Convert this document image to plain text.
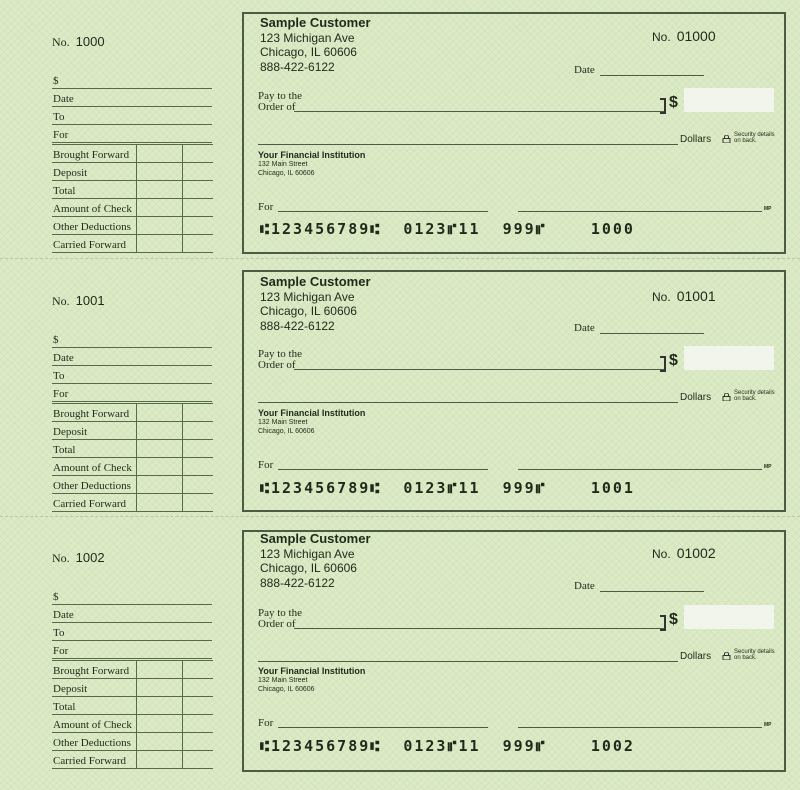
No. 1000
$
Date
To
For
Brought Forward
Deposit
Total
Amount of Check
Other Deductions
Carried Forward
Sample Customer
123 Michigan Ave
Chicago, IL 60606
888-422-6122
No. 01000
Date
Pay to the
Order of	$
Dollars	Security details
on back.
Your Financial Institution
132 Main Street
Chicago, IL 60606
For	MP
⑆123456789⑆ 0123⑈11 999⑈	1000
No. 1001
$
Date
To
For
Brought Forward
Deposit
Total
Amount of Check
Other Deductions
Carried Forward
Sample Customer
123 Michigan Ave
Chicago, IL 60606
888-422-6122
No. 01001
Date
Pay to the
Order of	$
Dollars	Security details
on back.
Your Financial Institution
132 Main Street
Chicago, IL 60606
For	MP
⑆123456789⑆ 0123⑈11 999⑈	1001
No. 1002
$
Date
To
For
Brought Forward
Deposit
Total
Amount of Check
Other Deductions
Carried Forward
Sample Customer
123 Michigan Ave
Chicago, IL 60606
888-422-6122
No. 01002
Date
Pay to the
Order of	$
Dollars	Security details
on back.
Your Financial Institution
132 Main Street
Chicago, IL 60606
For	MP
⑆123456789⑆ 0123⑈11 999⑈	1002
